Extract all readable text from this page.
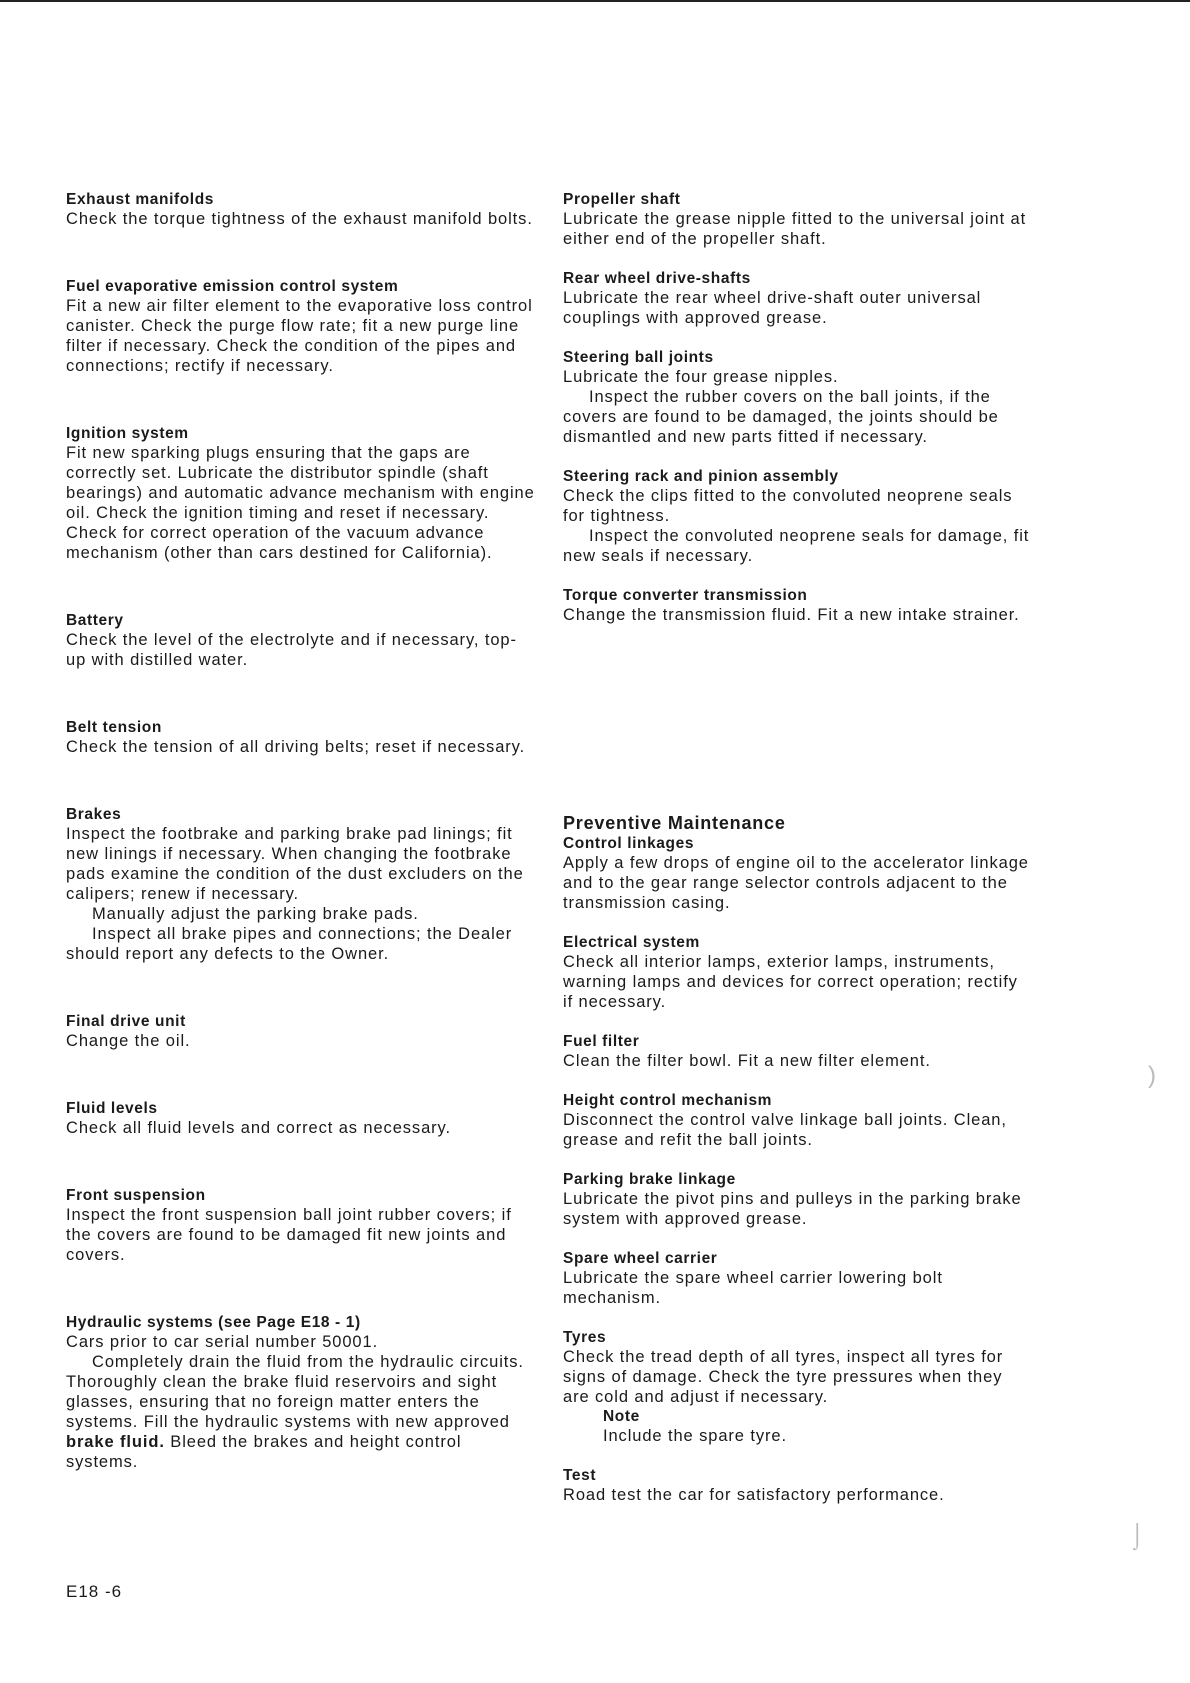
Exhaust manifolds

Check the torque tightness of the exhaust manifold bolts.

Fuel evaporative emission control system

Fit a new air filter element to the evaporative loss control canister. Check the purge flow rate; fit a new purge line filter if necessary. Check the condition of the pipes and connections; rectify if necessary.

Ignition system

Fit new sparking plugs ensuring that the gaps are correctly set. Lubricate the distributor spindle (shaft bearings) and automatic advance mechanism with engine oil. Check the ignition timing and reset if necessary. Check for correct operation of the vacuum advance mechanism (other than cars destined for California).

Battery

Check the level of the electrolyte and if necessary, top-up with distilled water.

Belt tension

Check the tension of all driving belts; reset if necessary.

Brakes

Inspect the footbrake and parking brake pad linings; fit new linings if necessary. When changing the footbrake pads examine the condition of the dust excluders on the calipers; renew if necessary.

Manually adjust the parking brake pads.

Inspect all brake pipes and connections; the Dealer should report any defects to the Owner.

Final drive unit

Change the oil.

Fluid levels

Check all fluid levels and correct as necessary.

Front suspension

Inspect the front suspension ball joint rubber covers; if the covers are found to be damaged fit new joints and covers.

Hydraulic systems (see Page E18 - 1)

Cars prior to car serial number 50001.

Completely drain the fluid from the hydraulic circuits. Thoroughly clean the brake fluid reservoirs and sight glasses, ensuring that no foreign matter enters the systems. Fill the hydraulic systems with new approved brake fluid. Bleed the brakes and height control systems.

Propeller shaft

Lubricate the grease nipple fitted to the universal joint at either end of the propeller shaft.

Rear wheel drive-shafts

Lubricate the rear wheel drive-shaft outer universal couplings with approved grease.

Steering ball joints

Lubricate the four grease nipples.

Inspect the rubber covers on the ball joints, if the covers are found to be damaged, the joints should be dismantled and new parts fitted if necessary.

Steering rack and pinion assembly

Check the clips fitted to the convoluted neoprene seals for tightness.

Inspect the convoluted neoprene seals for damage, fit new seals if necessary.

Torque converter transmission

Change the transmission fluid. Fit a new intake strainer.

Preventive Maintenance
Control linkages

Apply a few drops of engine oil to the accelerator linkage and to the gear range selector controls adjacent to the transmission casing.

Electrical system

Check all interior lamps, exterior lamps, instruments, warning lamps and devices for correct operation; rectify if necessary.

Fuel filter

Clean the filter bowl. Fit a new filter element.

Height control mechanism

Disconnect the control valve linkage ball joints. Clean, grease and refit the ball joints.

Parking brake linkage

Lubricate the pivot pins and pulleys in the parking brake system with approved grease.

Spare wheel carrier

Lubricate the spare wheel carrier lowering bolt mechanism.

Tyres

Check the tread depth of all tyres, inspect all tyres for signs of damage. Check the tyre pressures when they are cold and adjust if necessary.

Note

Include the spare tyre.

Test

Road test the car for satisfactory performance.

E18 -6
)
⌡
